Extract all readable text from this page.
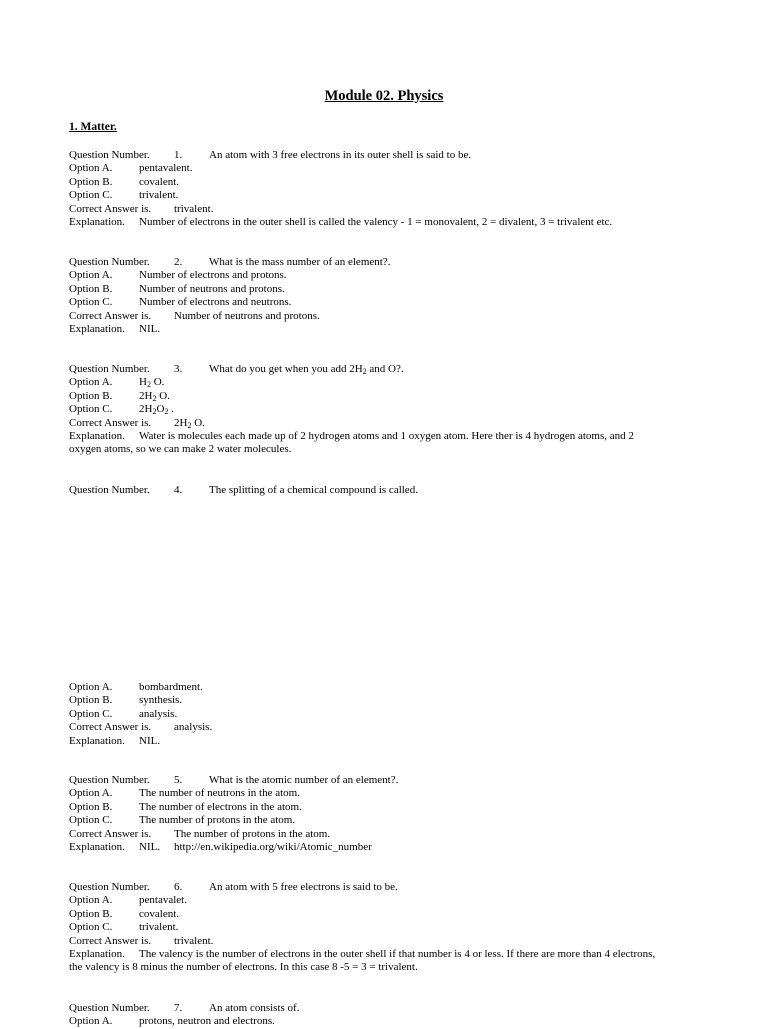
Module 02. Physics
1. Matter.
Question Number. 1. An atom with 3 free electrons in its outer shell is said to be.
Option A. pentavalent.
Option B. covalent.
Option C. trivalent.
Correct Answer is. trivalent.
Explanation. Number of electrons in the outer shell is called the valency - 1 = monovalent, 2 = divalent, 3 = trivalent etc.
Question Number. 2. What is the mass number of an element?.
Option A. Number of electrons and protons.
Option B. Number of neutrons and protons.
Option C. Number of electrons and neutrons.
Correct Answer is. Number of neutrons and protons.
Explanation. NIL.
Question Number. 3. What do you get when you add $2H_2$ and O?.
Option A. $H_2$ O.
Option B. $2H_2$ O.
Option C. $2H_2O_2$ .
Correct Answer is. $2H_2$ O.
Explanation. Water is molecules each made up of 2 hydrogen atoms and 1 oxygen atom. Here ther is 4 hydrogen atoms, and 2
oxygen atoms, so we can make 2 water molecules.
Question Number. 4. The splitting of a chemical compound is called.
Option A. bombardment.
Option B. synthesis.
Option C. analysis.
Correct Answer is. analysis.
Explanation. NIL.
Question Number. 5. What is the atomic number of an element?.
Option A. The number of neutrons in the atom.
Option B. The number of electrons in the atom.
Option C. The number of protons in the atom.
Correct Answer is. The number of protons in the atom.
Explanation. NIL. http://en.wikipedia.org/wiki/Atomic_number
Question Number. 6. An atom with 5 free electrons is said to be.
Option A. pentavalet.
Option B. covalent.
Option C. trivalent.
Correct Answer is. trivalent.
Explanation. The valency is the number of electrons in the outer shell if that number is 4 or less. If there are more than 4 electrons,
the valency is 8 minus the number of electrons. In this case 8 -5 = 3 = trivalent.
Question Number. 7. An atom consists of.
Option A. protons, neutron and electrons.
